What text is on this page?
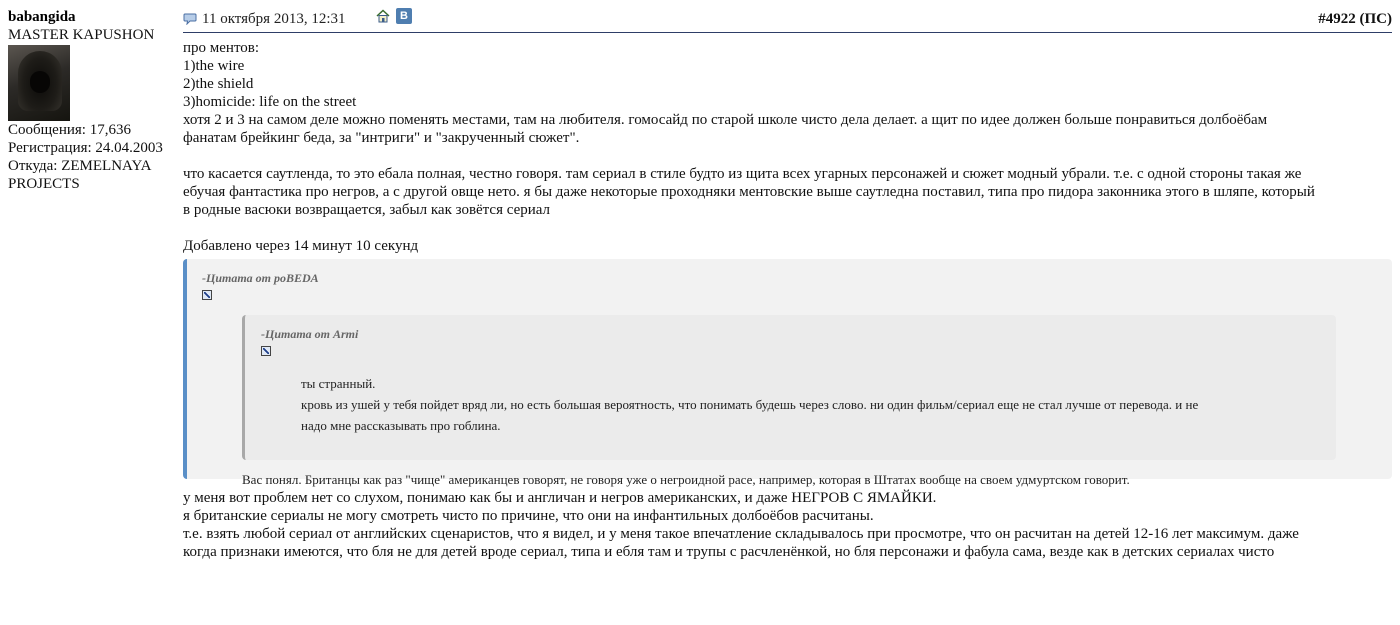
babangida
MASTER KAPUSHON
Сообщения: 17,636
Регистрация: 24.04.2003
Откуда: ZEMELNAYA
PROJECTS
11 октября 2013, 12:31	B	#4922 (ПС)
про ментов:
1)the wire
2)the shield
3)homicide: life on the street
хотя 2 и 3 на самом деле можно поменять местами, там на любителя. гомосайд по старой школе чисто дела делает. а щит по идее должен больше понравиться долбоёбам
фанатам брейкинг беда, за "интриги" и "закрученный сюжет".
что касается саутленда, то это ебала полная, честно говоря. там сериал в стиле будто из щита всех угарных персонажей и сюжет модный убрали. т.е. с одной стороны такая же
ебучая фантастика про негров, а с другой овще нето. я бы даже некоторые проходняки ментовские выше саутледна поставил, типа про пидора законника этого в шляпе, который
в родные васюки возвращается, забыл как зовётся сериал
Добавлено через 14 минут 10 секунд
-Цитата от poBEDA
-Цитата от Armi
ты странный.
кровь из ушей у тебя пойдет вряд ли, но есть большая вероятность, что понимать будешь через слово. ни один фильм/сериал еще не стал лучше от перевода. и не
надо мне рассказывать про гоблина.
Вас понял. Британцы как раз "чище" американцев говорят, не говоря уже о негроидной расе, например, которая в Штатах вообще на своем удмуртском говорит.
у меня вот проблем нет со слухом, понимаю как бы и англичан и негров американских, и даже НЕГРОВ С ЯМАЙКИ.
я британские сериалы не могу смотреть чисто по причине, что они на инфантильных долбоёбов расчитаны.
т.е. взять любой сериал от английских сценаристов, что я видел, и у меня такое впечатление складывалось при просмотре, что он расчитан на детей 12-16 лет максимум. даже
когда признаки имеются, что бля не для детей вроде сериал, типа и ебля там и трупы с расчленёнкой, но бля персонажи и фабула сама, везде как в детских сериалах чисто
